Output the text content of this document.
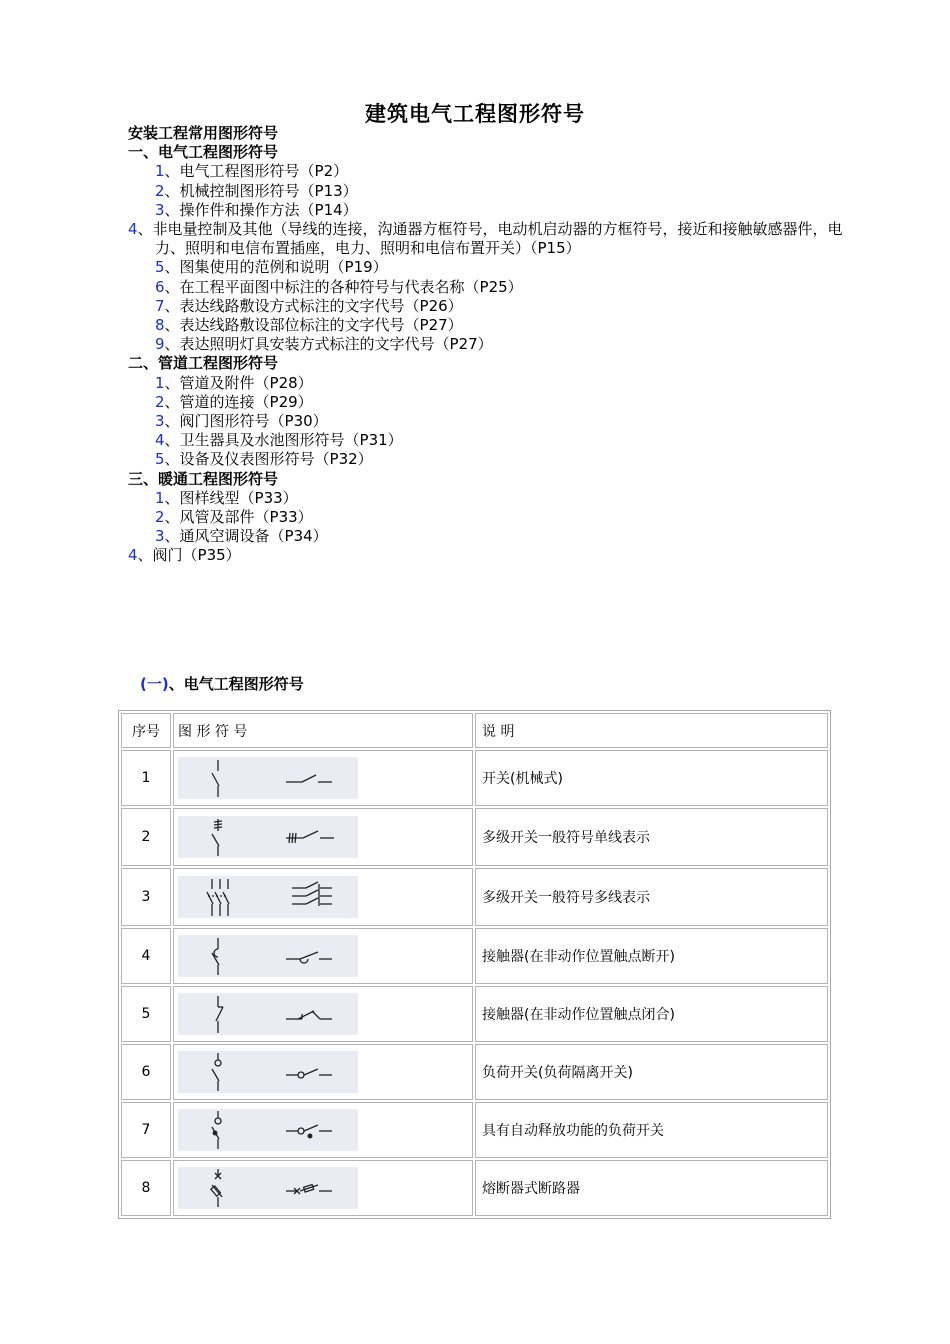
建筑电气工程图形符号
安装工程常用图形符号
一、电气工程图形符号
1、电气工程图形符号（P2）
2、机械控制图形符号（P13）
3、操作件和操作方法（P14）
4、非电量控制及其他（导线的连接，沟通器方框符号，电动机启动器的方框符号，接近和接触敏感器件，电 力、照明和电信布置插座，电力、照明和电信布置开关）（P15）
5、图集使用的范例和说明（P19）
6、在工程平面图中标注的各种符号与代表名称（P25）
7、表达线路敷设方式标注的文字代号（P26）
8、表达线路敷设部位标注的文字代号（P27）
9、表达照明灯具安装方式标注的文字代号（P27）
二、管道工程图形符号
1、管道及附件（P28）
2、管道的连接（P29）
3、阀门图形符号（P30）
4、卫生器具及水池图形符号（P31）
5、设备及仪表图形符号（P32）
三、暖通工程图形符号
1、图样线型（P33）
2、风管及部件（P33）
3、通风空调设备（P34）
4、阀门（P35）
(一)、电气工程图形符号
序号	图 形 符 号	说 明
1		开关(机械式)
2		多级开关一般符号单线表示
3		多级开关一般符号多线表示
4		接触器(在非动作位置触点断开)
5		接触器(在非动作位置触点闭合)
6		负荷开关(负荷隔离开关)
7		具有自动释放功能的负荷开关
8		熔断器式断路器
